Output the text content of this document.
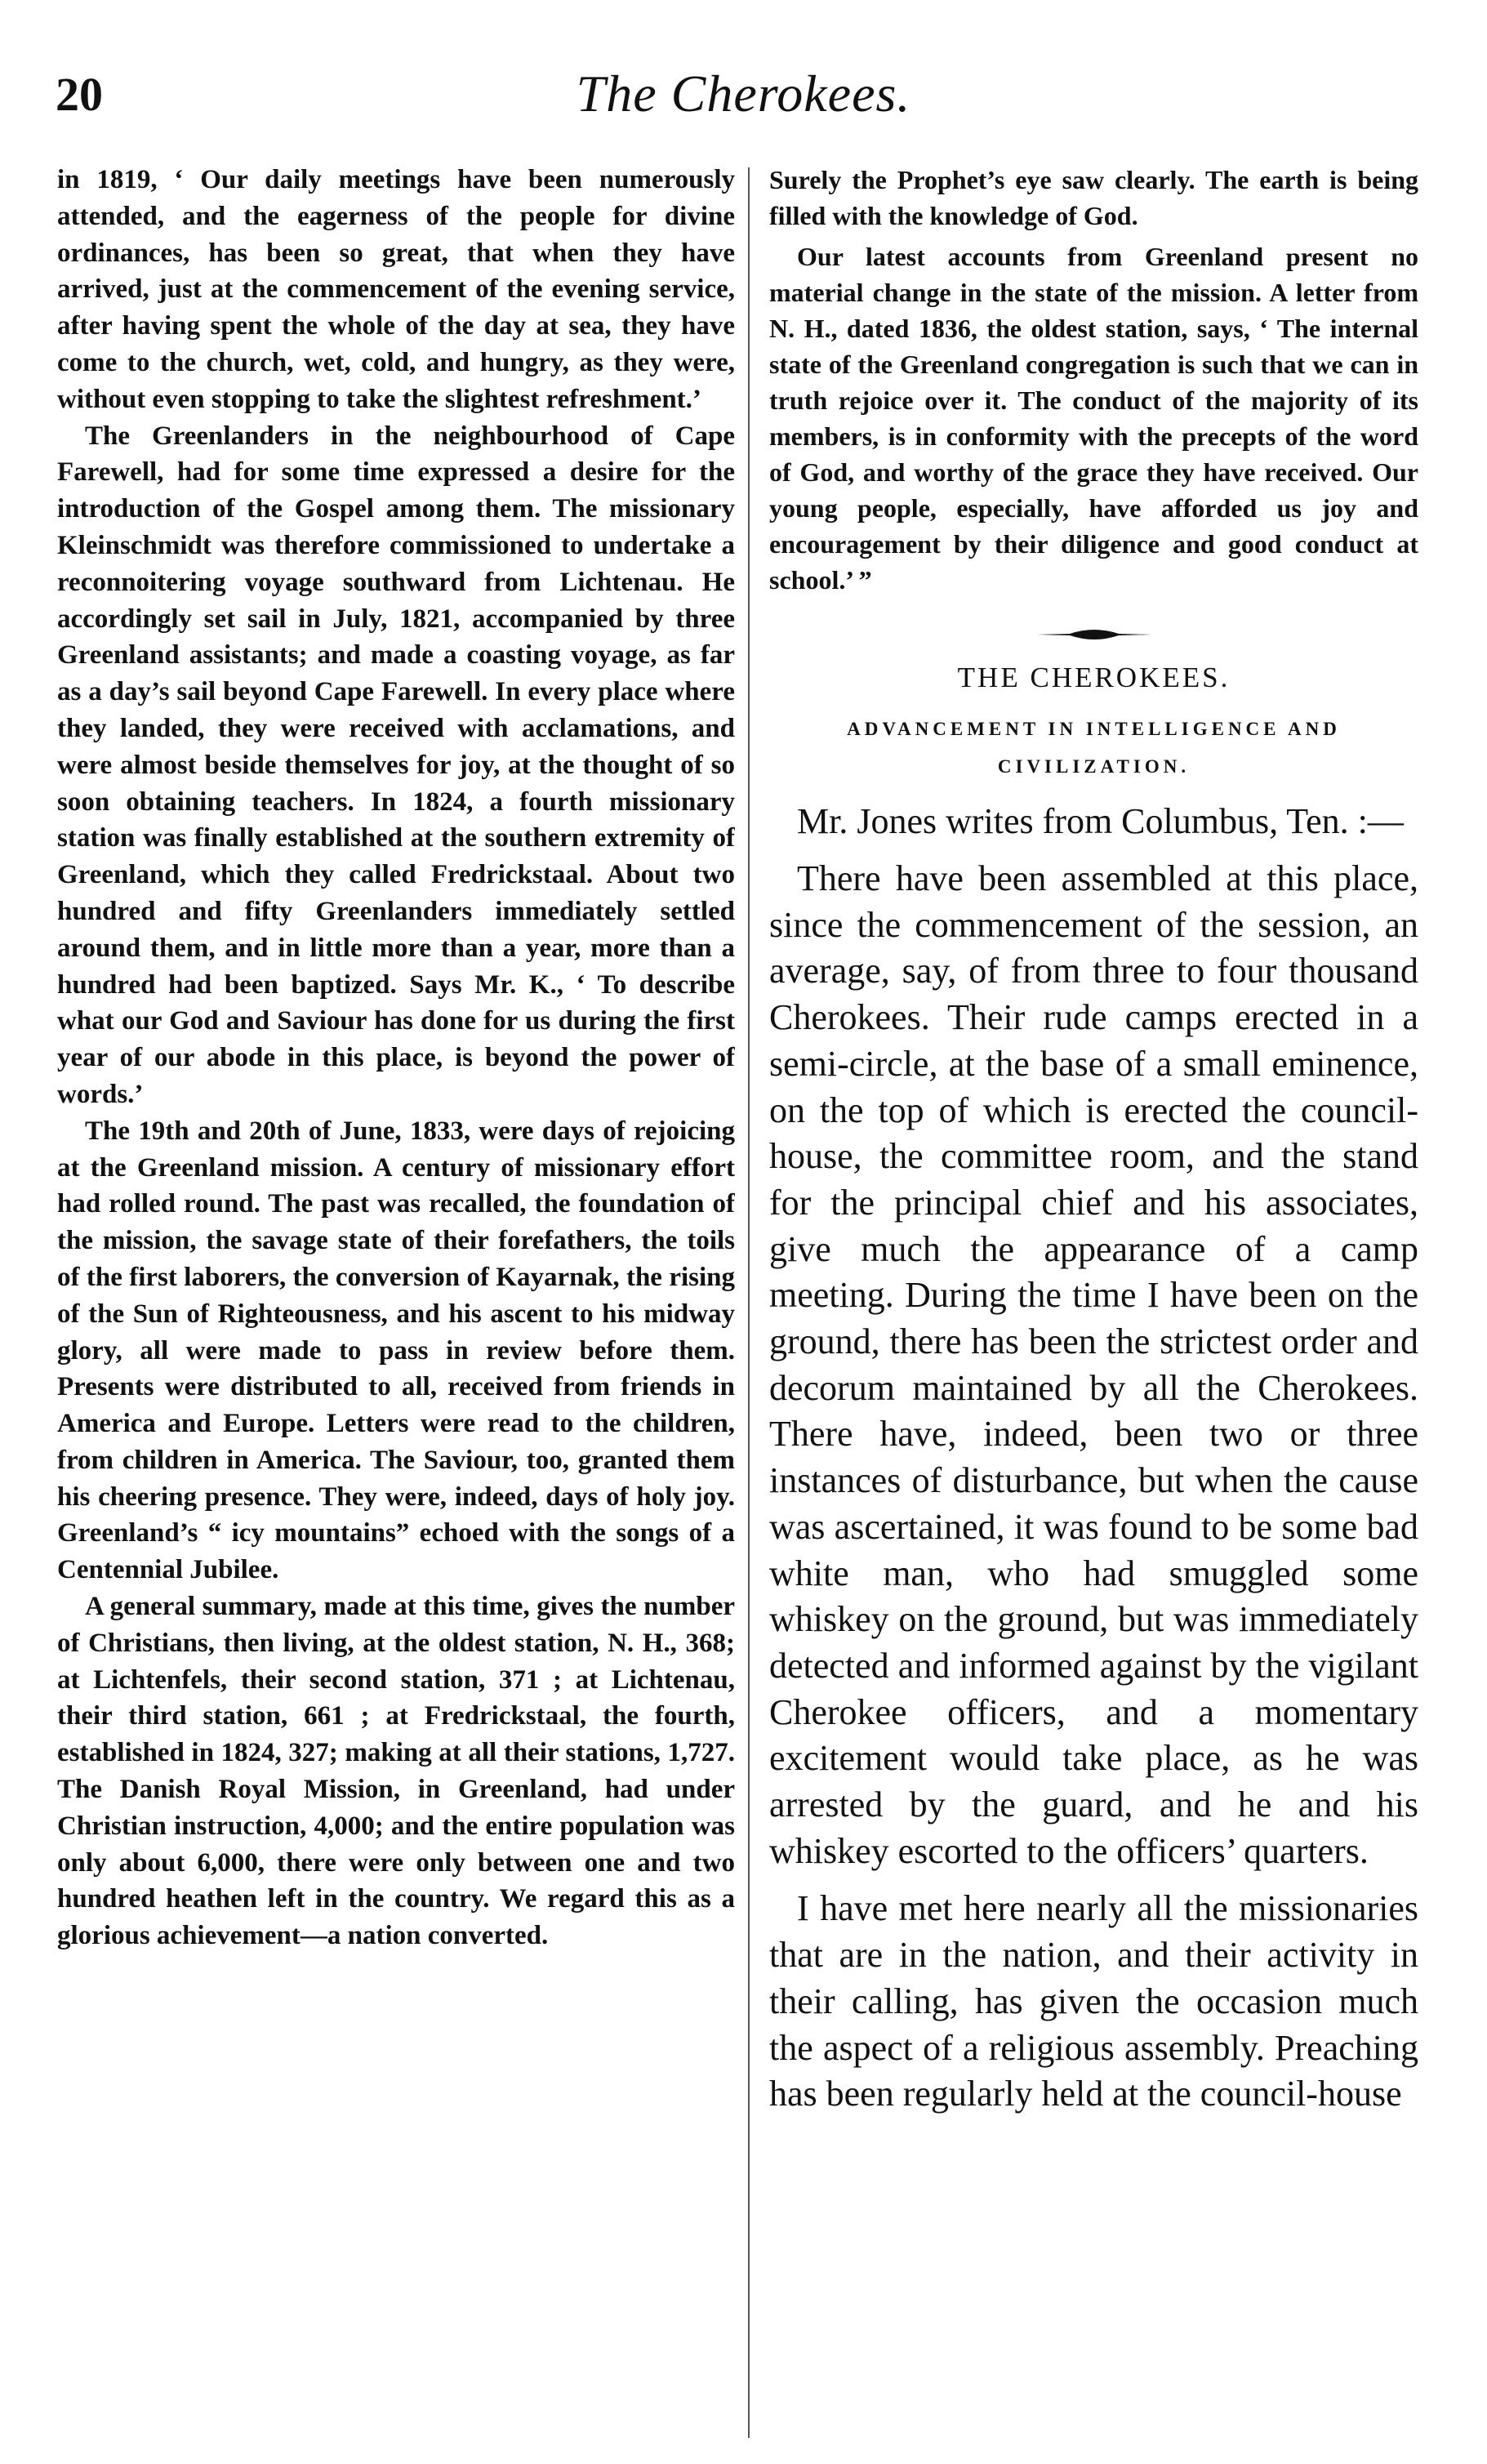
20	The Cherokees.

in 1819, ‘ Our daily meetings have been numerously attended, and the eagerness of the people for divine ordinances, has been so great, that when they have arrived, just at the commencement of the evening service, after having spent the whole of the day at sea, they have come to the church, wet, cold, and hungry, as they were, without even stopping to take the slightest refreshment.’

The Greenlanders in the neighbourhood of Cape Farewell, had for some time expressed a desire for the introduction of the Gospel among them. The missionary Kleinschmidt was therefore commissioned to undertake a reconnoitering voyage southward from Lichtenau. He accordingly set sail in July, 1821, accompanied by three Greenland assistants; and made a coasting voyage, as far as a day’s sail beyond Cape Farewell. In every place where they landed, they were received with acclamations, and were almost beside themselves for joy, at the thought of so soon obtaining teachers. In 1824, a fourth missionary station was finally established at the southern extremity of Greenland, which they called Fredrickstaal. About two hundred and fifty Greenlanders immediately settled around them, and in little more than a year, more than a hundred had been baptized. Says Mr. K., ‘ To describe what our God and Saviour has done for us during the first year of our abode in this place, is beyond the power of words.’

The 19th and 20th of June, 1833, were days of rejoicing at the Greenland mission. A century of missionary effort had rolled round. The past was recalled, the foundation of the mission, the savage state of their forefathers, the toils of the first laborers, the conversion of Kayarnak, the rising of the Sun of Righteousness, and his ascent to his midway glory, all were made to pass in review before them. Presents were distributed to all, received from friends in America and Europe. Letters were read to the children, from children in America. The Saviour, too, granted them his cheering presence. They were, indeed, days of holy joy. Greenland’s “ icy mountains” echoed with the songs of a Centennial Jubilee.

A general summary, made at this time, gives the number of Christians, then living, at the oldest station, N. H., 368; at Lichtenfels, their second station, 371 ; at Lichtenau, their third station, 661 ; at Fredrickstaal, the fourth, established in 1824, 327; making at all their stations, 1,727. The Danish Royal Mission, in Greenland, had under Christian instruction, 4,000; and the entire population was only about 6,000, there were only between one and two hundred heathen left in the country. We regard this as a glorious achievement—a nation converted.

Surely the Prophet’s eye saw clearly. The earth is being filled with the knowledge of God.

Our latest accounts from Greenland present no material change in the state of the mission. A letter from N. H., dated 1836, the oldest station, says, ‘ The internal state of the Greenland congregation is such that we can in truth rejoice over it. The conduct of the majority of its members, is in conformity with the precepts of the word of God, and worthy of the grace they have received. Our young people, especially, have afforded us joy and encouragement by their diligence and good conduct at school.’ ”

THE CHEROKEES.
ADVANCEMENT IN INTELLIGENCE AND CIVILIZATION.

Mr. Jones writes from Columbus, Ten. :—

There have been assembled at this place, since the commencement of the session, an average, say, of from three to four thousand Cherokees. Their rude camps erected in a semi-circle, at the base of a small eminence, on the top of which is erected the council-house, the committee room, and the stand for the principal chief and his associates, give much the appearance of a camp meeting. During the time I have been on the ground, there has been the strictest order and decorum maintained by all the Cherokees. There have, indeed, been two or three instances of disturbance, but when the cause was ascertained, it was found to be some bad white man, who had smuggled some whiskey on the ground, but was immediately detected and informed against by the vigilant Cherokee officers, and a momentary excitement would take place, as he was arrested by the guard, and he and his whiskey escorted to the officers’ quarters.

I have met here nearly all the missionaries that are in the nation, and their activity in their calling, has given the occasion much the aspect of a religious assembly. Preaching has been regularly held at the council-house
